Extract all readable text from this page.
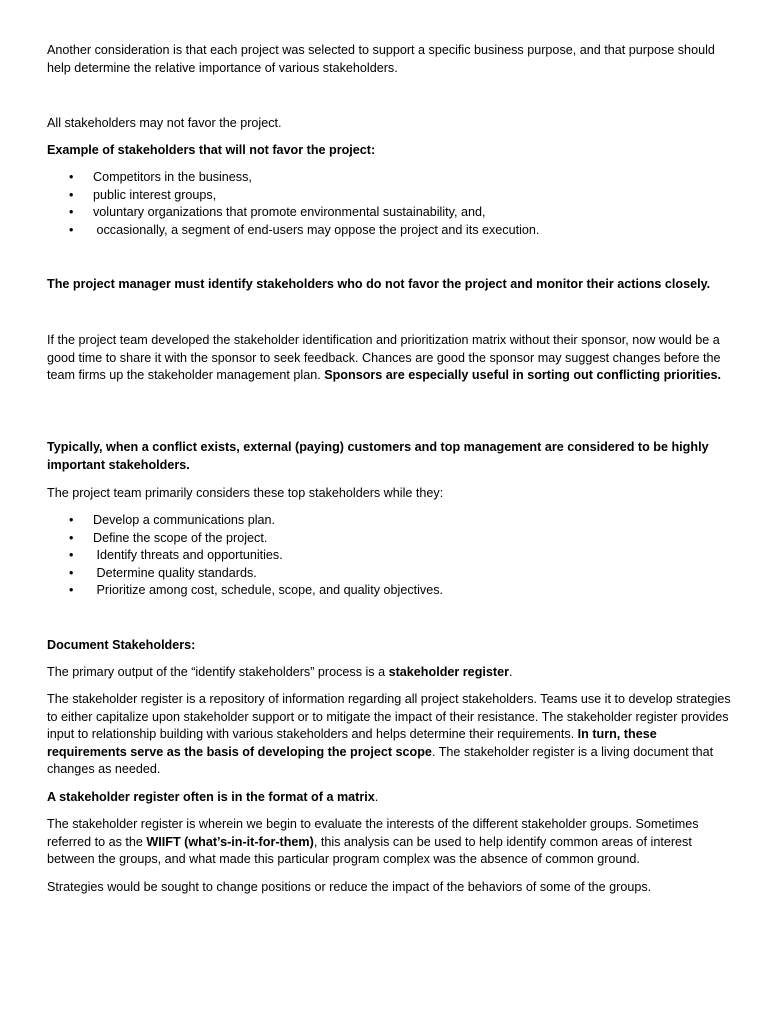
Another consideration is that each project was selected to support a specific business purpose, and that purpose should help determine the relative importance of various stakeholders.

All stakeholders may not favor the project.

Example of stakeholders that will not favor the project:

• Competitors in the business,
• public interest groups,
• voluntary organizations that promote environmental sustainability, and,
• occasionally, a segment of end-users may oppose the project and its execution.

The project manager must identify stakeholders who do not favor the project and monitor their actions closely.

If the project team developed the stakeholder identification and prioritization matrix without their sponsor, now would be a good time to share it with the sponsor to seek feedback. Chances are good the sponsor may suggest changes before the team firms up the stakeholder management plan. Sponsors are especially useful in sorting out conflicting priorities.

Typically, when a conflict exists, external (paying) customers and top management are considered to be highly important stakeholders.

The project team primarily considers these top stakeholders while they:

• Develop a communications plan.
• Define the scope of the project.
• Identify threats and opportunities.
• Determine quality standards.
• Prioritize among cost, schedule, scope, and quality objectives.

Document Stakeholders:

The primary output of the “identify stakeholders” process is a stakeholder register.

The stakeholder register is a repository of information regarding all project stakeholders. Teams use it to develop strategies to either capitalize upon stakeholder support or to mitigate the impact of their resistance. The stakeholder register provides input to relationship building with various stakeholders and helps determine their requirements. In turn, these requirements serve as the basis of developing the project scope. The stakeholder register is a living document that changes as needed.

A stakeholder register often is in the format of a matrix.

The stakeholder register is wherein we begin to evaluate the interests of the different stakeholder groups. Sometimes referred to as the WIIFT (what’s-in-it-for-them), this analysis can be used to help identify common areas of interest between the groups, and what made this particular program complex was the absence of common ground.

Strategies would be sought to change positions or reduce the impact of the behaviors of some of the groups.
